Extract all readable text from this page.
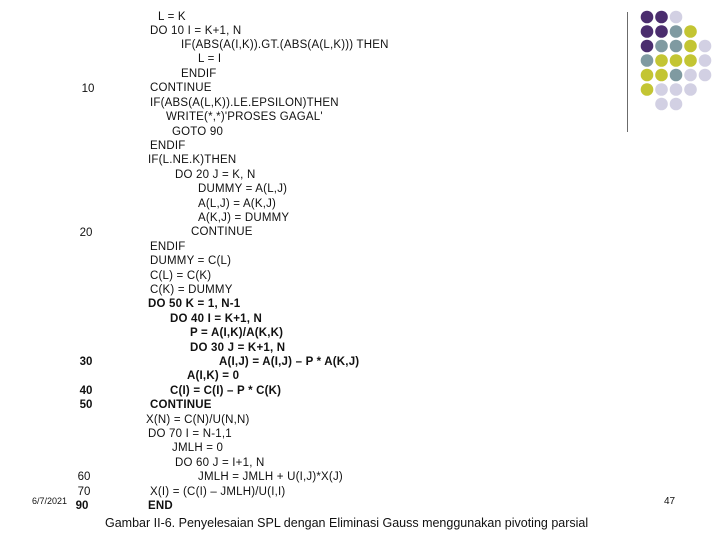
L = K
DO 10 I = K+1, N
IF(ABS(A(I,K)).GT.(ABS(A(L,K))) THEN
L = I
ENDIF
CONTINUE
IF(ABS(A(L,K)).LE.EPSILON)THEN
WRITE(*,*)'PROSES GAGAL'
GOTO 90
ENDIF
IF(L.NE.K)THEN
DO 20 J = K, N
DUMMY = A(L,J)
A(L,J) = A(K,J)
A(K,J) = DUMMY
CONTINUE
ENDIF
DUMMY = C(L)
C(L) = C(K)
C(K) = DUMMY
DO 50 K = 1, N-1
DO 40 I = K+1, N
P = A(I,K)/A(K,K)
DO 30 J = K+1, N
A(I,J) = A(I,J) – P * A(K,J)
A(I,K) = 0
C(I) = C(I) – P * C(K)
CONTINUE
X(N) = C(N)/U(N,N)
DO 70 I = N-1,1
JMLH = 0
DO 60 J = I+1, N
JMLH = JMLH + U(I,J)*X(J)
X(I) = (C(I) – JMLH)/U(I,I)
END
10
20
30
40
50
60
70
90
6/7/2021	47
Gambar II-6. Penyelesaian SPL dengan Eliminasi Gauss menggunakan pivoting parsial
